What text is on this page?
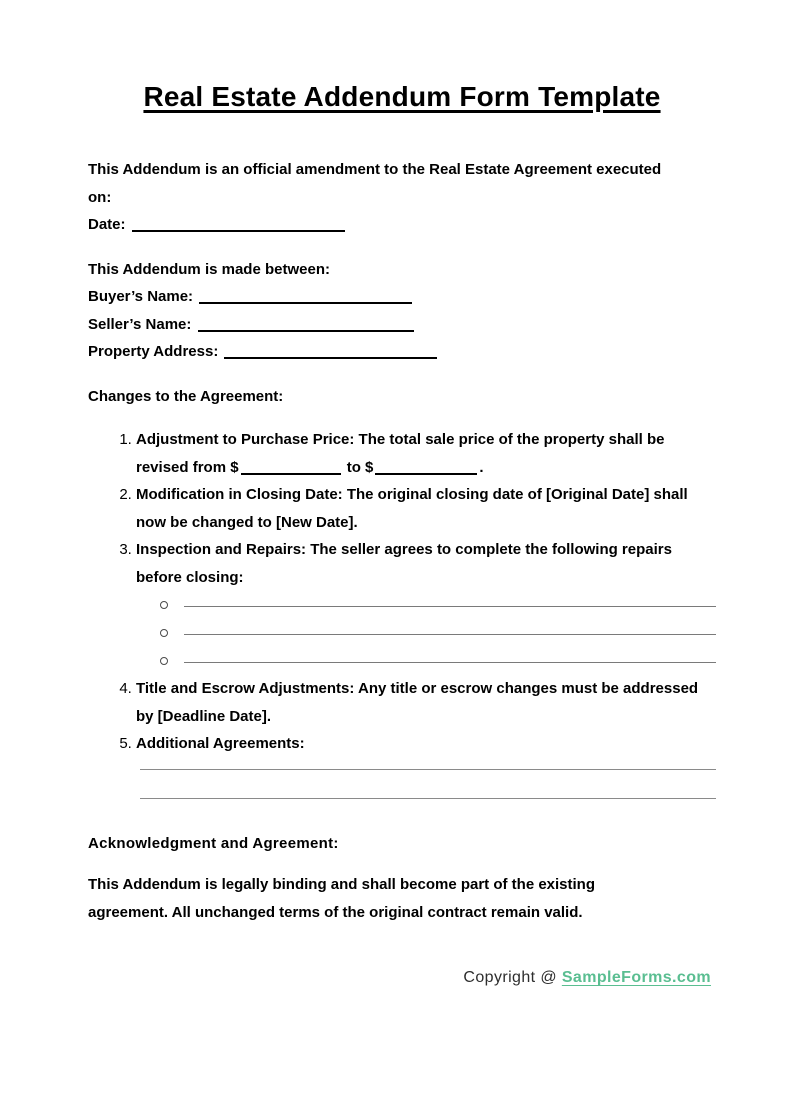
Real Estate Addendum Form Template
This Addendum is an official amendment to the Real Estate Agreement executed
on:
Date:
This Addendum is made between:
Buyer’s Name:
Seller’s Name:
Property Address:
Changes to the Agreement:
1. Adjustment to Purchase Price: The total sale price of the property shall be revised from $	to $	.
2. Modification in Closing Date: The original closing date of [Original Date] shall now be changed to [New Date].
3. Inspection and Repairs: The seller agrees to complete the following repairs before closing:
4. Title and Escrow Adjustments: Any title or escrow changes must be addressed by [Deadline Date].
5. Additional Agreements:
Acknowledgment and Agreement:
This Addendum is legally binding and shall become part of the existing
agreement. All unchanged terms of the original contract remain valid.
Copyright @ SampleForms.com
